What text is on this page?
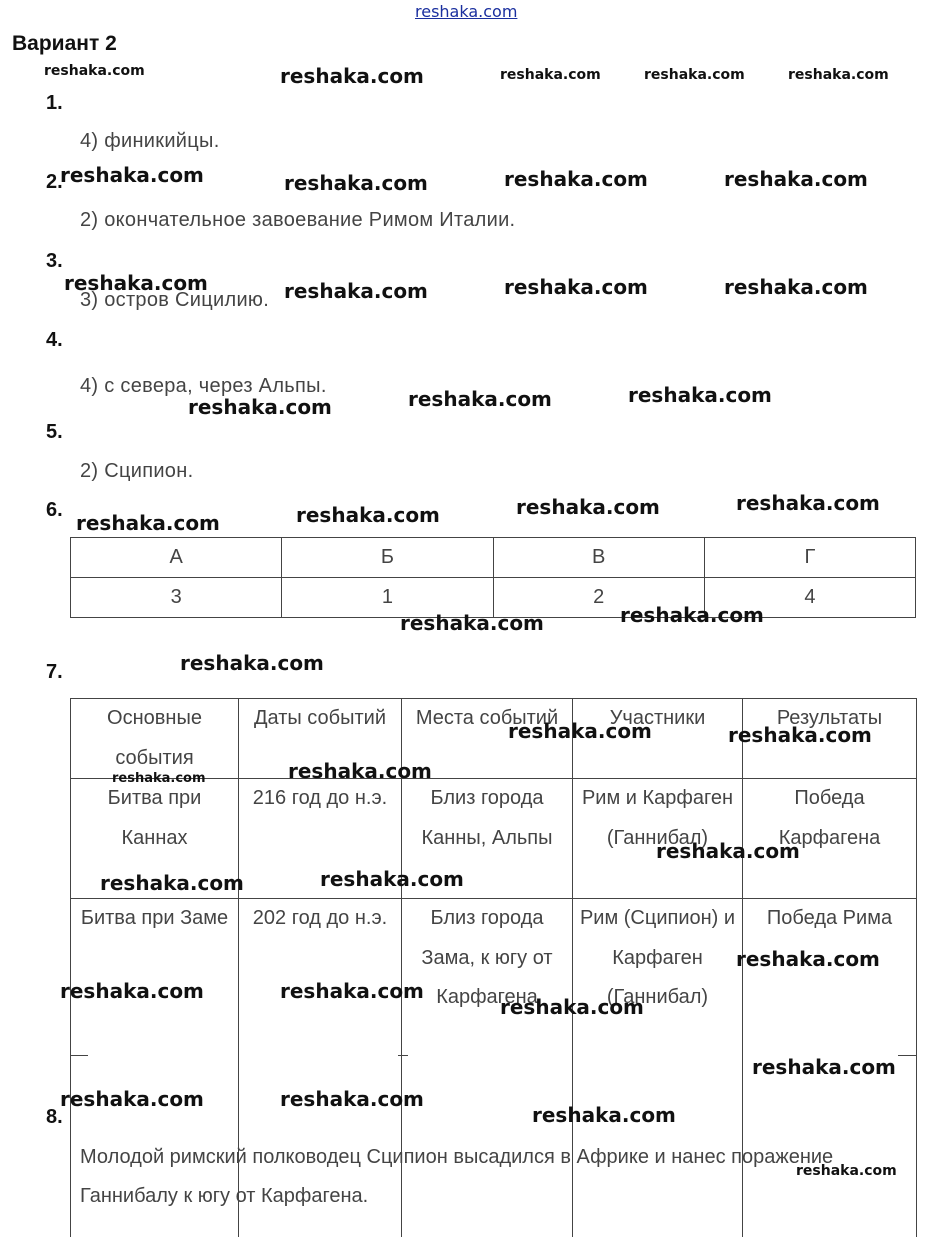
reshaka.com
Вариант 2
1.
4) финикийцы.
2.
2) окончательное завоевание Римом Италии.
3.
3) остров Сицилию.
4.
4) с севера, через Альпы.
5.
2) Сципион.
6.
А	Б	В	Г
3	1	2	4
7.
Основные события	Даты событий	Места событий	Участники	Результаты
Битва при Каннах	216 год до н.э.	Близ города Канны, Альпы	Рим и Карфаген (Ганнибал)	Победа Карфагена
Битва при Заме	202 год до н.э.	Близ города Зама, к югу от Карфагена	Рим (Сципион) и Карфаген (Ганнибал)	Победа Рима
8.
Молодой римский полководец Сципион высадился в Африке и нанес поражение Ганнибалу к югу от Карфагена.
reshaka.com	reshaka.com	reshaka.com	reshaka.com	reshaka.com
reshaka.com	reshaka.com	reshaka.com	reshaka.com
reshaka.com	reshaka.com	reshaka.com	reshaka.com
reshaka.com	reshaka.com	reshaka.com
reshaka.com	reshaka.com	reshaka.com	reshaka.com
reshaka.com	reshaka.com
reshaka.com
reshaka.com	reshaka.com
reshaka.com	reshaka.com
reshaka.com
reshaka.com
reshaka.com
reshaka.com
reshaka.com	reshaka.com
reshaka.com
reshaka.com
reshaka.com	reshaka.com
reshaka.com
reshaka.com
